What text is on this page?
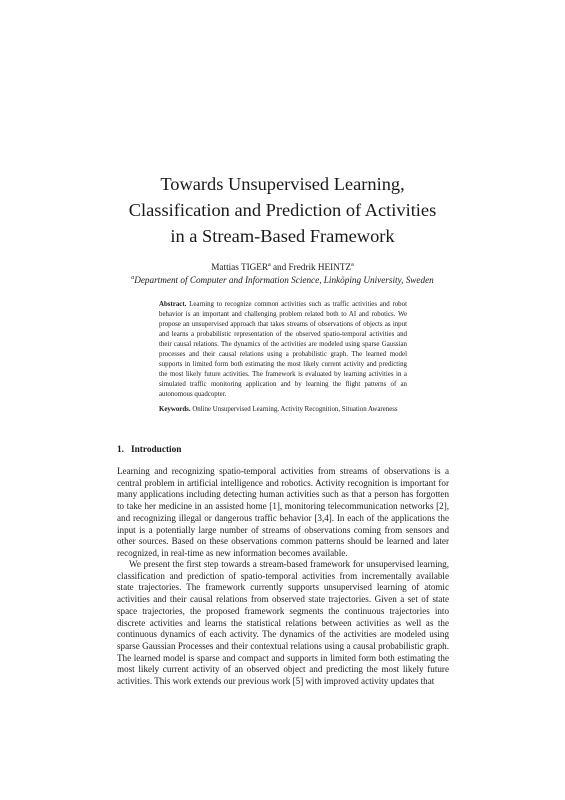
Towards Unsupervised Learning,
Classification and Prediction of Activities
in a Stream-Based Framework
Mattias TIGER$^a$ and Fredrik HEINTZ$^a$
$^a$Department of Computer and Information Science, Linköping University, Sweden

Abstract. Learning to recognize common activities such as traffic activities and robot behavior is an important and challenging problem related both to AI and robotics. We propose an unsupervised approach that takes streams of observations of objects as input and learns a probabilistic representation of the observed spatio-temporal activities and their causal relations. The dynamics of the activities are modeled using sparse Gaussian processes and their causal relations using a probabilistic graph. The learned model supports in limited form both estimating the most likely current activity and predicting the most likely future activities. The framework is evaluated by learning activities in a simulated traffic monitoring application and by learning the flight patterns of an autonomous quadcopter.

Keywords. Online Unsupervised Learning, Activity Recognition, Situation Awareness

1. Introduction

Learning and recognizing spatio-temporal activities from streams of observations is a central problem in artificial intelligence and robotics. Activity recognition is important for many applications including detecting human activities such as that a person has forgotten to take her medicine in an assisted home [1], monitoring telecommunication networks [2], and recognizing illegal or dangerous traffic behavior [3,4]. In each of the applications the input is a potentially large number of streams of observations coming from sensors and other sources. Based on these observations common patterns should be learned and later recognized, in real-time as new information becomes available.

We present the first step towards a stream-based framework for unsupervised learning, classification and prediction of spatio-temporal activities from incrementally available state trajectories. The framework currently supports unsupervised learning of atomic activities and their causal relations from observed state trajectories. Given a set of state space trajectories, the proposed framework segments the continuous trajectories into discrete activities and learns the statistical relations between activities as well as the continuous dynamics of each activity. The dynamics of the activities are modeled using sparse Gaussian Processes and their contextual relations using a causal probabilistic graph. The learned model is sparse and compact and supports in limited form both estimating the most likely current activity of an observed object and predicting the most likely future activities. This work extends our previous work [5] with improved activity updates that
